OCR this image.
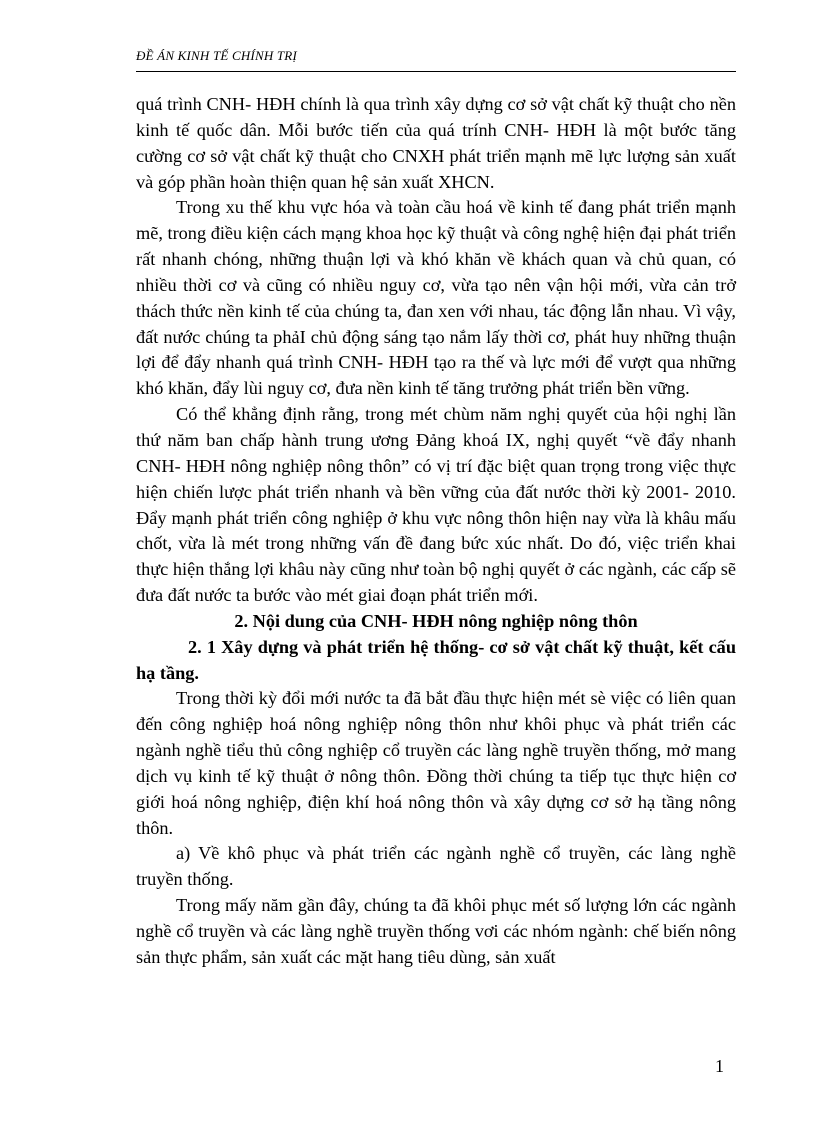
ĐỀ ÁN KINH TẾ CHÍNH TRỊ

quá trình CNH- HĐH chính là qua trình xây dựng cơ sở vật chất kỹ thuật cho nền kinh tế quốc dân. Mỗi bước tiến của quá trính CNH- HĐH là một bước tăng cường cơ sở vật chất kỹ thuật cho CNXH phát triển mạnh mẽ lực lượng sản xuất và góp phần hoàn thiện quan hệ sản xuất XHCN.

Trong xu thế khu vực hóa và toàn cầu hoá về kinh tế đang phát triển mạnh mẽ, trong điều kiện cách mạng khoa học kỹ thuật và công nghệ hiện đại phát triển rất nhanh chóng, những thuận lợi và khó khăn về khách quan và chủ quan, có nhiều thời cơ và cũng có nhiều nguy cơ, vừa tạo nên vận hội mới, vừa cản trở thách thức nền kinh tế của chúng ta, đan xen với nhau, tác động lẫn nhau. Vì vậy, đất nước chúng ta phảI chủ động sáng tạo nắm lấy thời cơ, phát huy những thuận lợi để đẩy nhanh quá trình CNH- HĐH tạo ra thế và lực mới để vượt qua những khó khăn, đẩy lùi nguy cơ, đưa nền kinh tế tăng trưởng phát triển bền vững.

Có thể khẳng định rằng, trong mét chùm năm nghị quyết của hội nghị lần thứ năm ban chấp hành trung ương Đảng khoá IX, nghị quyết “về đẩy nhanh CNH- HĐH nông nghiệp nông thôn” có vị trí đặc biệt quan trọng trong việc thực hiện chiến lược phát triển nhanh và bền vững của đất nước thời kỳ 2001- 2010. Đẩy mạnh phát triển công nghiệp ở khu vực nông thôn hiện nay vừa là khâu mấu chốt, vừa là mét trong những vấn đề đang bức xúc nhất. Do đó, việc triển khai thực hiện thắng lợi khâu này cũng như toàn bộ nghị quyết ở các ngành, các cấp sẽ đưa đất nước ta bước vào mét giai đoạn phát triển mới.

2. Nội dung của CNH- HĐH nông nghiệp nông thôn

2. 1 Xây dựng và phát triển hệ thống- cơ sở vật chất kỹ thuật, kết cấu hạ tầng.

Trong thời kỳ đổi mới nước ta đã bắt đầu thực hiện mét sè việc có liên quan đến công nghiệp hoá nông nghiệp nông thôn như khôi phục và phát triển các ngành nghề tiểu thủ công nghiệp cổ truyền các làng nghề truyền thống, mở mang dịch vụ kinh tế kỹ thuật ở nông thôn. Đồng thời chúng ta tiếp tục thực hiện cơ giới hoá nông nghiệp, điện khí hoá nông thôn và xây dựng cơ sở hạ tầng nông thôn.

a) Về khô phục và phát triển các ngành nghề cổ truyền, các làng nghề truyền thống.

Trong mấy năm gần đây, chúng ta đã khôi phục mét số lượng lớn các ngành nghề cổ truyền và các làng nghề truyền thống vơi các nhóm ngành: chế biến nông sản thực phẩm, sản xuất các mặt hang tiêu dùng, sản xuất

1
